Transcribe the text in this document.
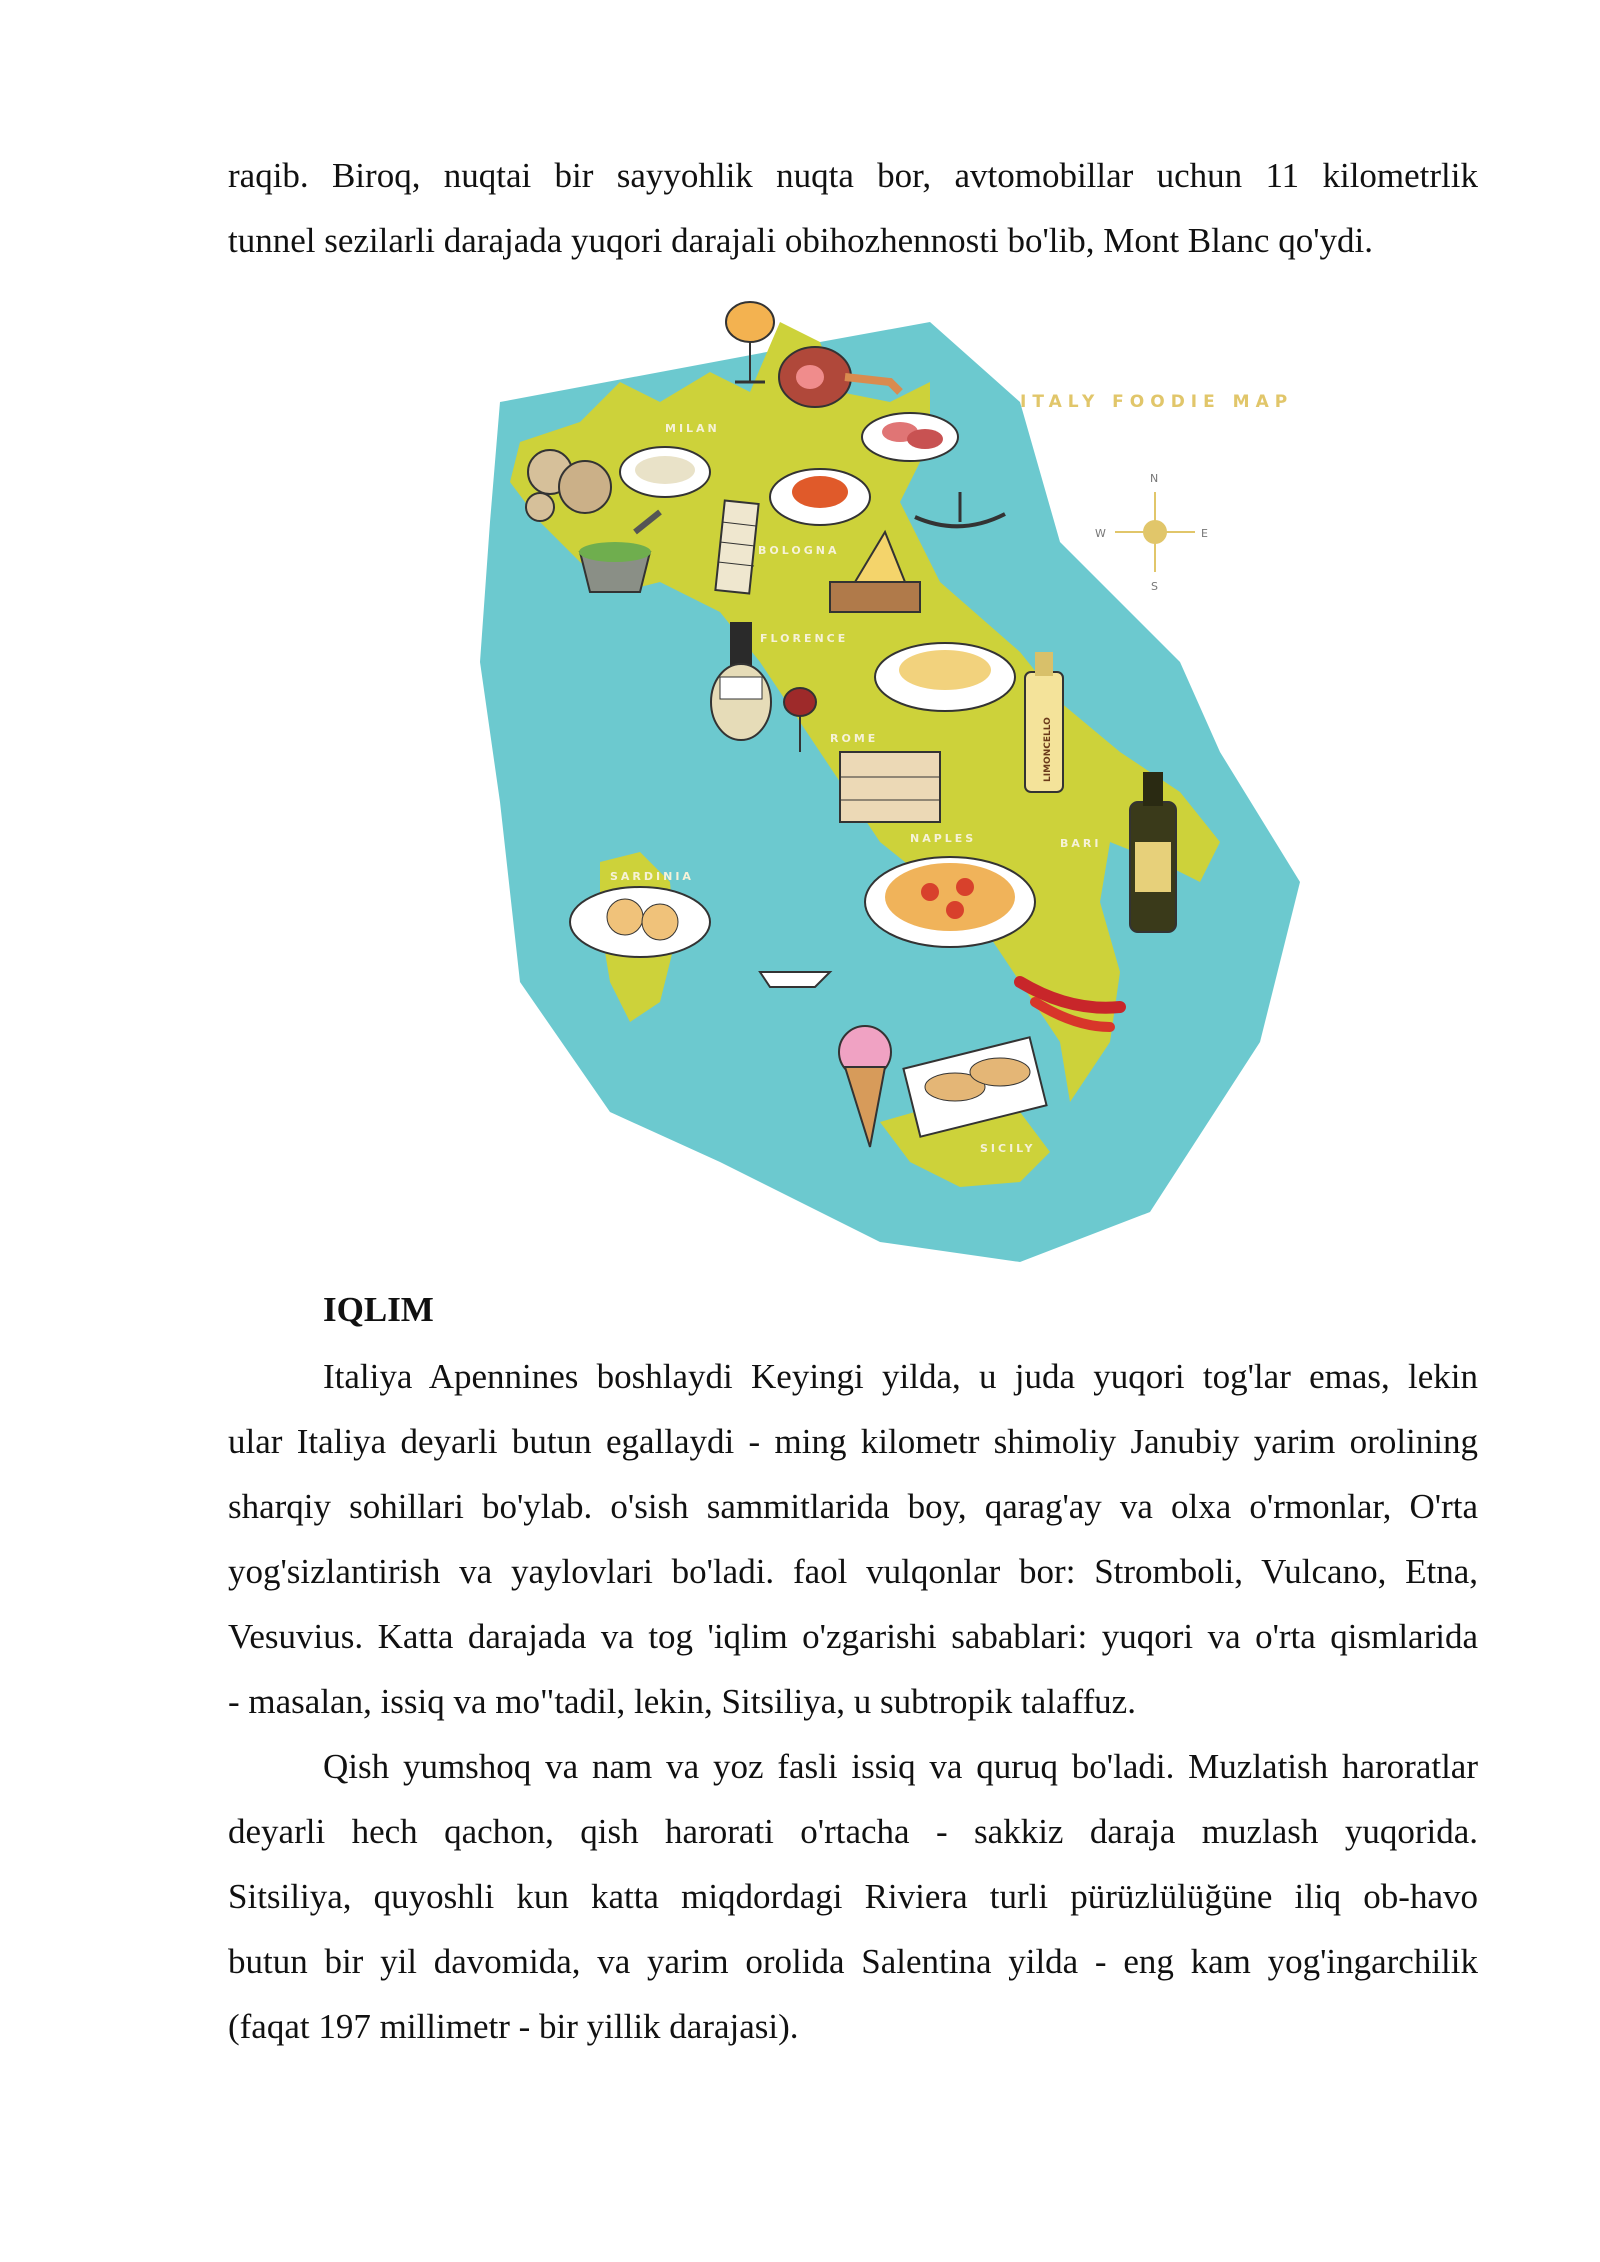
raqib. Biroq, nuqtai bir sayyohlik nuqta bor, avtomobillar uchun 11 kilometrlik
tunnel sezilarli darajada yuqori darajali obihozhennosti bo'lib, Mont Blanc qo'ydi.

ITALY FOODIE MAP
N
S
E
W
MILAN
BOLOGNA
FLORENCE
ROME
NAPLES	BARI
SARDINIA
SICILY
LIMONCELLO
IQLIM

Italiya Apennines boshlaydi Keyingi yilda, u juda yuqori tog'lar emas, lekin
ular Italiya deyarli butun egallaydi - ming kilometr shimoliy Janubiy yarim orolining
sharqiy sohillari bo'ylab. o'sish sammitlarida boy, qarag'ay va olxa o'rmonlar, O'rta
yog'sizlantirish va yaylovlari bo'ladi. faol vulqonlar bor: Stromboli, Vulcano, Etna,
Vesuvius. Katta darajada va tog 'iqlim o'zgarishi sabablari: yuqori va o'rta qismlarida
- masalan, issiq va mo"tadil, lekin, Sitsiliya, u subtropik talaffuz.

Qish yumshoq va nam va yoz fasli issiq va quruq bo'ladi. Muzlatish haroratlar
deyarli hech qachon, qish harorati o'rtacha - sakkiz daraja muzlash yuqorida.
Sitsiliya, quyoshli kun katta miqdordagi Riviera turli pürüzlülüğüne iliq ob-havo
butun bir yil davomida, va yarim orolida Salentina yilda - eng kam yog'ingarchilik
(faqat 197 millimetr - bir yillik darajasi).
